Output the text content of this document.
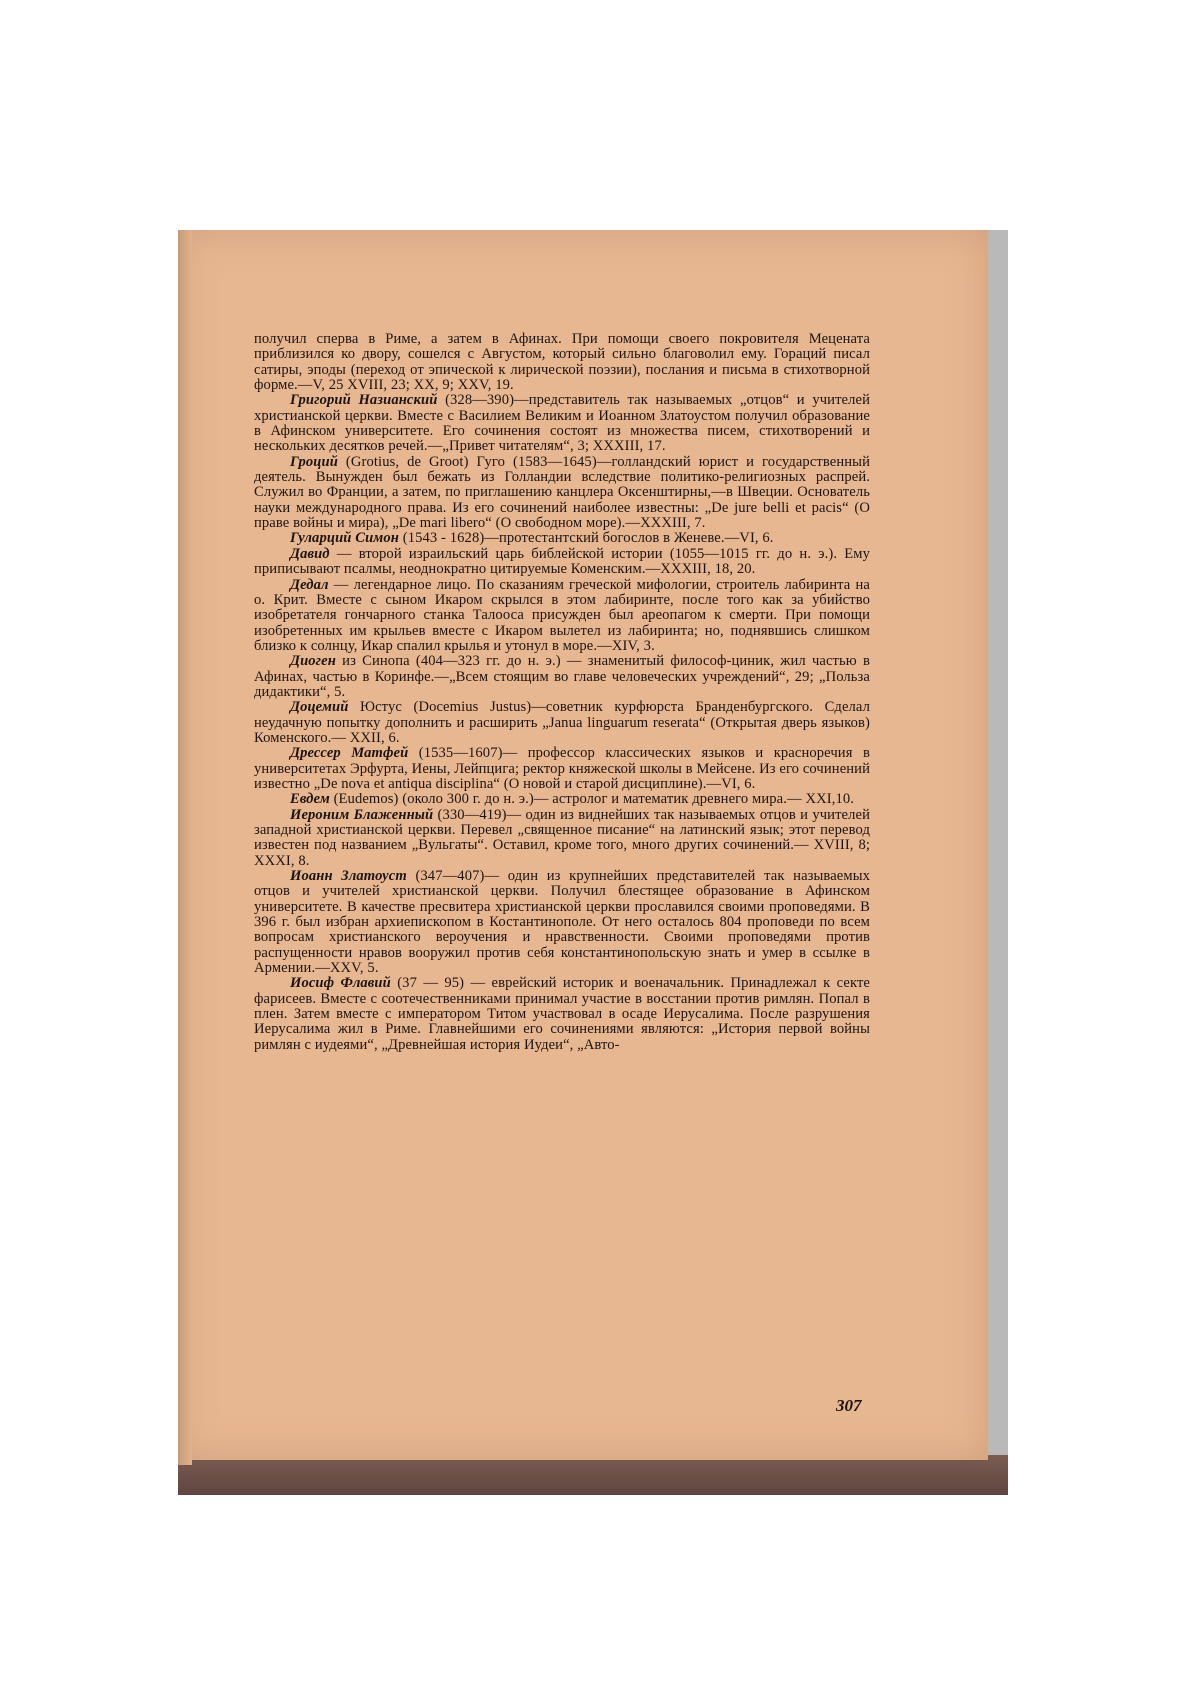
получил сперва в Риме, а затем в Афинах. При помощи своего покровителя Мецената приблизился ко двору, сошелся с Августом, который сильно благоволил ему. Гораций писал сатиры, эподы (переход от эпической к лирической поэзии), послания и письма в стихотворной форме.—V, 25 XVIII, 23; XX, 9; XXV, 19.

Григорий Назианский (328—390)—представитель так называемых „отцов“ и учителей христианской церкви. Вместе с Василием Великим и Иоанном Златоустом получил образование в Афинском университете. Его сочинения состоят из множества писем, стихотворений и нескольких десятков речей.—„Привет читателям“, 3; XXXIII, 17.

Гроций (Grotius, de Groot) Гуго (1583—1645)—голландский юрист и государственный деятель. Вынужден был бежать из Голландии вследствие политико-религиозных распрей. Служил во Франции, а затем, по приглашению канцлера Оксенштирны,—в Швеции. Основатель науки международного права. Из его сочинений наиболее известны: „De jure belli et pacis“ (О праве войны и мира), „De mari libero“ (О свободном море).—XXXIII, 7.

Гуларций Симон (1543 - 1628)—протестантский богослов в Женеве.—VI, 6.

Давид — второй израильский царь библейской истории (1055—1015 гг. до н. э.). Ему приписывают псалмы, неоднократно цитируемые Коменским.—XXXIII, 18, 20.

Дедал — легендарное лицо. По сказаниям греческой мифологии, строитель лабиринта на о. Крит. Вместе с сыном Икаром скрылся в этом лабиринте, после того как за убийство изобретателя гончарного станка Талооса присужден был ареопагом к смерти. При помощи изобретенных им крыльев вместе с Икаром вылетел из лабиринта; но, поднявшись слишком близко к солнцу, Икар спалил крылья и утонул в море.—XIV, 3.

Диоген из Синопа (404—323 гг. до н. э.) — знаменитый философ-циник, жил частью в Афинах, частью в Коринфе.—„Всем стоящим во главе человеческих учреждений“, 29; „Польза дидактики“, 5.

Доцемий Юстус (Docemius Justus)—советник курфюрста Бранденбургского. Сделал неудачную попытку дополнить и расширить „Janua linguarum reserata“ (Открытая дверь языков) Коменского.— XXII, 6.

Дрессер Матфей (1535—1607)— профессор классических языков и красноречия в университетах Эрфурта, Иены, Лейпцига; ректор княжеской школы в Мейсене. Из его сочинений известно „De nova et antiqua disciplina“ (О новой и старой дисциплине).—VI, 6.

Евдем (Eudemos) (около 300 г. до н. э.)— астролог и математик древнего мира.— XXI,10.

Иероним Блаженный (330—419)— один из виднейших так называемых отцов и учителей западной христианской церкви. Перевел „священное писание“ на латинский язык; этот перевод известен под названием „Вульгаты“. Оставил, кроме того, много других сочинений.— XVIII, 8; XXXI, 8.

Иоанн Златоуст (347—407)— один из крупнейших представителей так называемых отцов и учителей христианской церкви. Получил блестящее образование в Афинском университете. В качестве пресвитера христианской церкви прославился своими проповедями. В 396 г. был избран архиепископом в Костантинополе. От него осталось 804 проповеди по всем вопросам христианского вероучения и нравственности. Своими проповедями против распущенности нравов вооружил против себя константинопольскую знать и умер в ссылке в Армении.—XXV, 5.

Иосиф Флавий (37 — 95) — еврейский историк и военачальник. Принадлежал к секте фарисеев. Вместе с соотечественниками принимал участие в восстании против римлян. Попал в плен. Затем вместе с императором Титом участвовал в осаде Иерусалима. После разрушения Иерусалима жил в Риме. Главнейшими его сочинениями являются: „История первой войны римлян с иудеями“, „Древнейшая история Иудеи“, „Авто-

307
